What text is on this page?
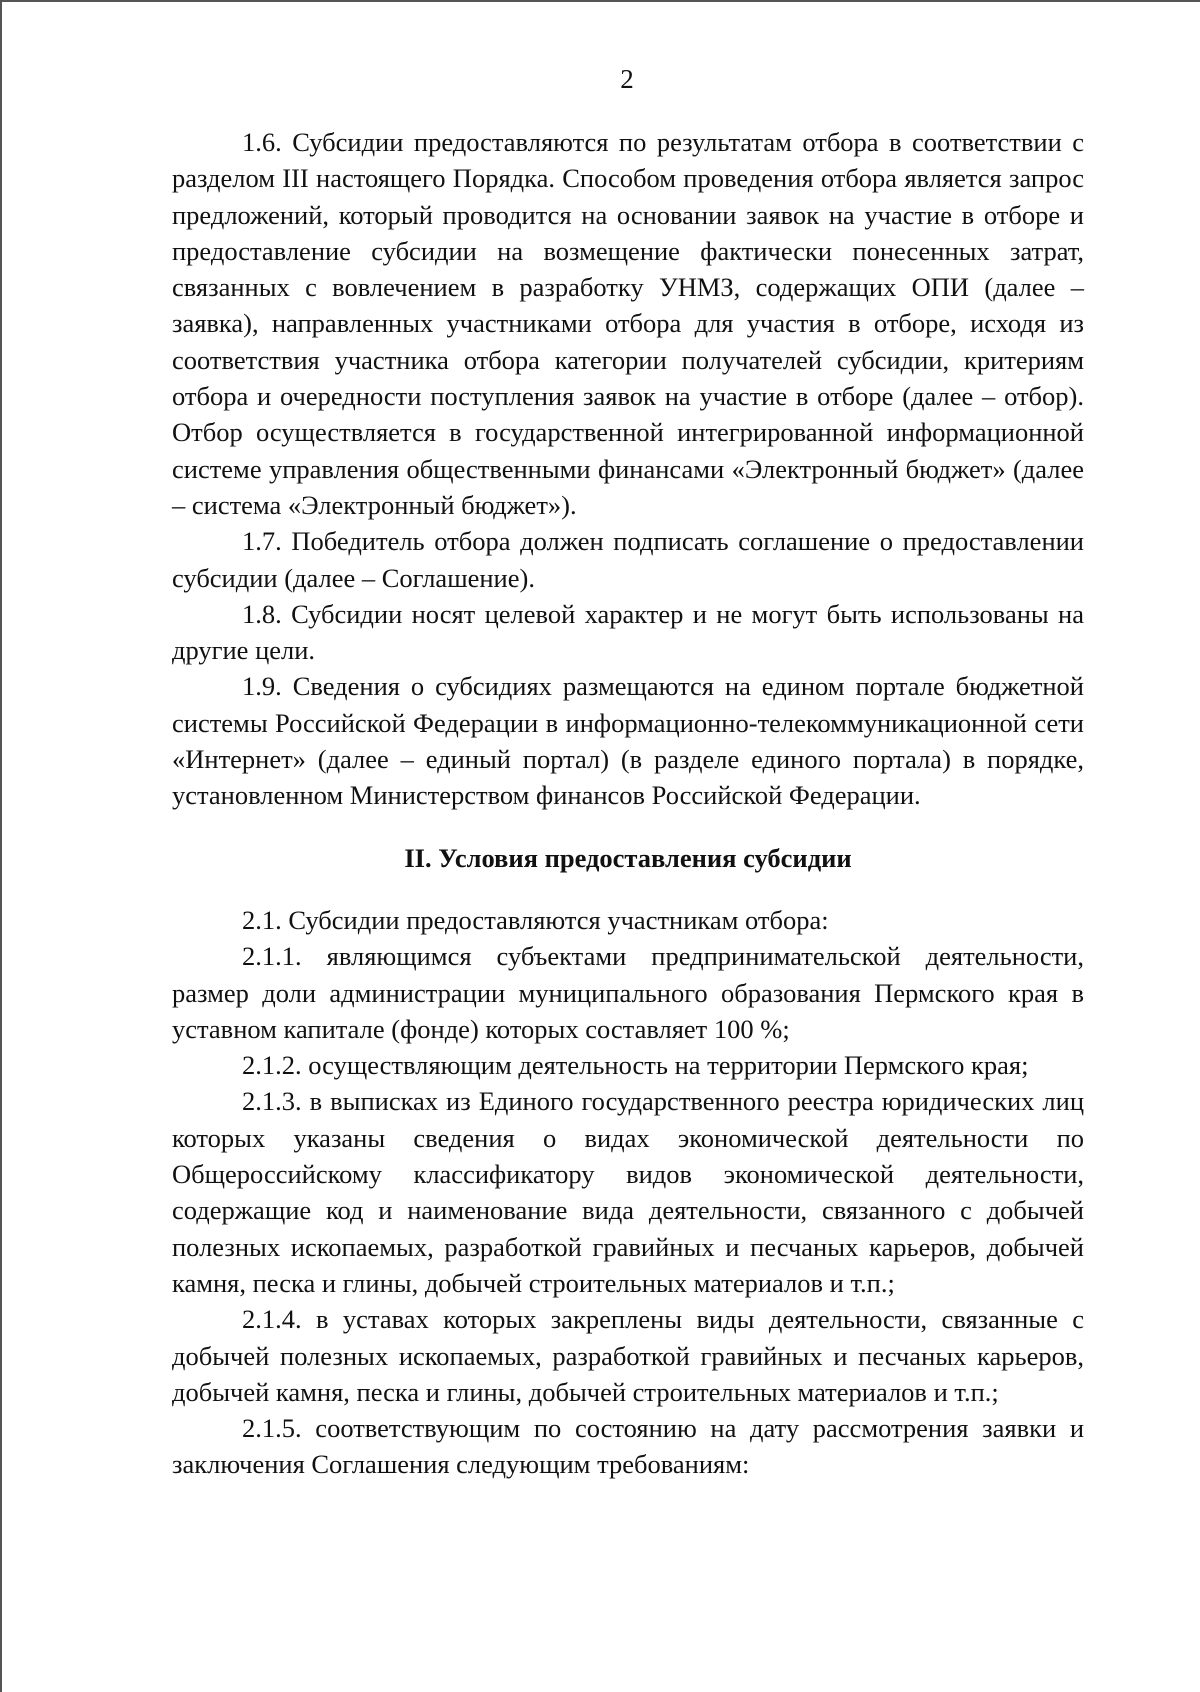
2

1.6. Субсидии предоставляются по результатам отбора в соответствии с разделом III настоящего Порядка. Способом проведения отбора является запрос предложений, который проводится на основании заявок на участие в отборе и предоставление субсидии на возмещение фактически понесенных затрат, связанных с вовлечением в разработку УНМЗ, содержащих ОПИ (далее – заявка), направленных участниками отбора для участия в отборе, исходя из соответствия участника отбора категории получателей субсидии, критериям отбора и очередности поступления заявок на участие в отборе (далее – отбор). Отбор осуществляется в государственной интегрированной информационной системе управления общественными финансами «Электронный бюджет» (далее – система «Электронный бюджет»).

1.7. Победитель отбора должен подписать соглашение о предоставлении субсидии (далее – Соглашение).

1.8. Субсидии носят целевой характер и не могут быть использованы на другие цели.

1.9. Сведения о субсидиях размещаются на едином портале бюджетной системы Российской Федерации в информационно-телекоммуникационной сети «Интернет» (далее – единый портал) (в разделе единого портала) в порядке, установленном Министерством финансов Российской Федерации.

II. Условия предоставления субсидии

2.1. Субсидии предоставляются участникам отбора:

2.1.1. являющимся субъектами предпринимательской деятельности, размер доли администрации муниципального образования Пермского края в уставном капитале (фонде) которых составляет 100 %;

2.1.2. осуществляющим деятельность на территории Пермского края;

2.1.3. в выписках из Единого государственного реестра юридических лиц которых указаны сведения о видах экономической деятельности по Общероссийскому классификатору видов экономической деятельности, содержащие код и наименование вида деятельности, связанного с добычей полезных ископаемых, разработкой гравийных и песчаных карьеров, добычей камня, песка и глины, добычей строительных материалов и т.п.;

2.1.4. в уставах которых закреплены виды деятельности, связанные с добычей полезных ископаемых, разработкой гравийных и песчаных карьеров, добычей камня, песка и глины, добычей строительных материалов и т.п.;

2.1.5. соответствующим по состоянию на дату рассмотрения заявки и заключения Соглашения следующим требованиям:
